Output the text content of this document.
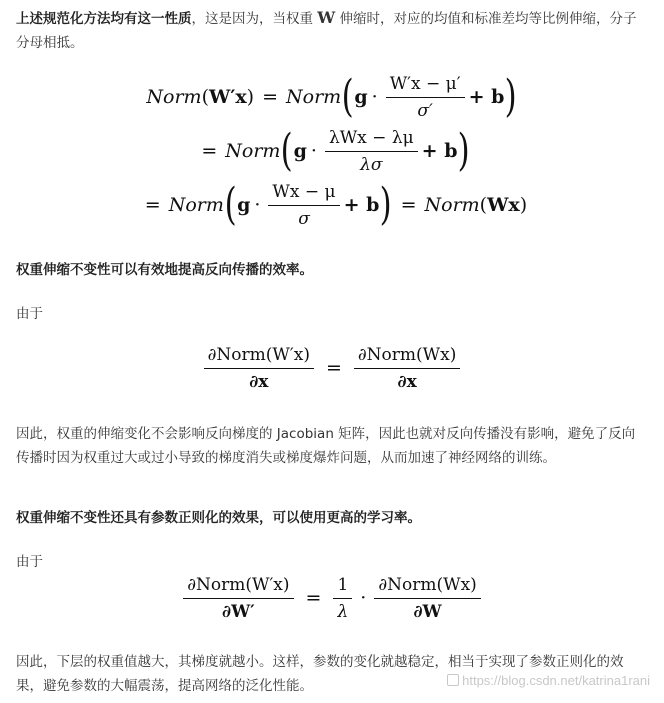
上述规范化方法均有这一性质，这是因为，当权重 W 伸缩时，对应的均值和标准差均等比例伸缩，分子分母相抵。
Norm ( W′x ) = Norm ( $g \cdot \frac{W'x - \mu'}{\sigma'} + b$ )
= Norm ( $g \cdot \frac{\text{λWx − λμ}}{\lambda\sigma} + b$ )
= Norm ( $g \cdot \frac{Wx - \mu}{\sigma} + b$ ) = Norm ( Wx )
权重伸缩不变性可以有效地提高反向传播的效率。
由于
$\frac{\text{∂Norm(W′x)}}{\partial x} = \frac{\text{∂Norm(Wx)}}{\partial x}$
因此，权重的伸缩变化不会影响反向梯度的 Jacobian 矩阵，因此也就对反向传播没有影响，避免了反向传播时因为权重过大或过小导致的梯度消失或梯度爆炸问题，从而加速了神经网络的训练。
权重伸缩不变性还具有参数正则化的效果，可以使用更高的学习率。
由于
$\frac{\text{∂Norm(W′x)}}{\partial W'} = \frac{1}{\lambda} \cdot \frac{\text{∂Norm(Wx)}}{\partial W}$
因此，下层的权重值越大，其梯度就越小。这样，参数的变化就越稳定，相当于实现了参数正则化的效果，避免参数的大幅震荡，提高网络的泛化性能。	https://blog.csdn.net/katrina1rani
